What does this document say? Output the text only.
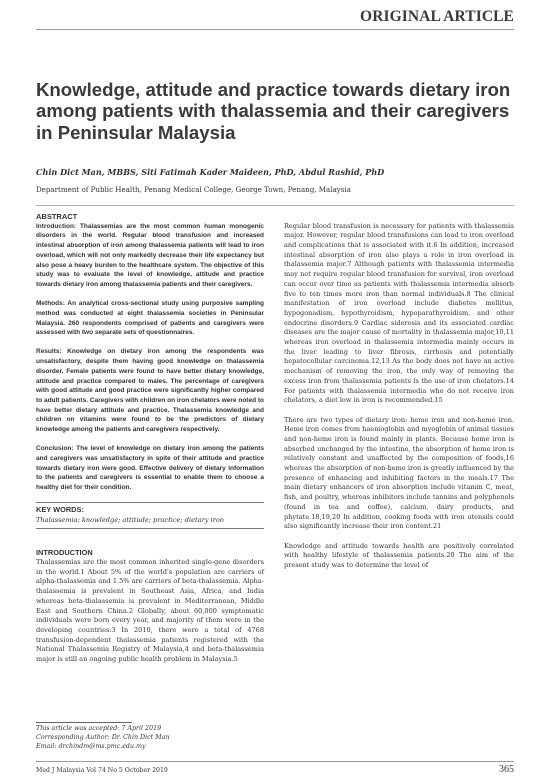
ORIGINAL ARTICLE
Knowledge, attitude and practice towards dietary iron among patients with thalassemia and their caregivers in Peninsular Malaysia
Chin Dict Man, MBBS, Siti Fatimah Kader Maideen, PhD, Abdul Rashid, PhD
Department of Public Health, Penang Medical College, George Town, Penang, Malaysia
ABSTRACT

Introduction: Thalassemias are the most common human monogenic disorders in the world. Regular blood transfusion and increased intestinal absorption of iron among thalassemia patients will lead to iron overload, which will not only markedly decrease their life expectancy but also pose a heavy burden to the healthcare system. The objective of this study was to evaluate the level of knowledge, attitude and practice towards dietary iron among thalassemia patients and their caregivers.

Methods: An analytical cross-sectional study using purposive sampling method was conducted at eight thalassemia societies in Peninsular Malaysia. 260 respondents comprised of patients and caregivers were assessed with two separate sets of questionnaires.

Results: Knowledge on dietary iron among the respondents was unsatisfactory, despite them having good knowledge on thalassemia disorder. Female patients were found to have better dietary knowledge, attitude and practice compared to males. The percentage of caregivers with good attitude and good practice were significantly higher compared to adult patients. Caregivers with children on iron chelators were noted to have better dietary attitude and practice. Thalassemia knowledge and children on vitamins were found to be the predictors of dietary knowledge among the patients and caregivers respectively.

Conclusion: The level of knowledge on dietary iron among the patients and caregivers was unsatisfactory in spite of their attitude and practice towards dietary iron were good. Effective delivery of dietary information to the patients and caregivers is essential to enable them to choose a healthy diet for their condition.

KEY WORDS:
Thalassemia; knowledge; attitude; practice; dietary iron
INTRODUCTION

Thalassemias are the most common inherited single-gene disorders in the world.1 About 5% of the world's population are carriers of alpha-thalassemia and 1.5% are carriers of beta-thalassemia. Alpha-thalassemia is prevalent in Southeast Asia, Africa, and India whereas beta-thalassemia is prevalent in Mediterranean, Middle East and Southern China.2 Globally, about 60,000 symptomatic individuals were born every year, and majority of them were in the developing countries.3 In 2010, there were a total of 4768 transfusion-dependent thalassemia patients registered with the National Thalassemia Registry of Malaysia,4 and beta-thalassemia major is still an ongoing public health problem in Malaysia.5

Regular blood transfusion is necessary for patients with thalassemia major. However, regular blood transfusions can lead to iron overload and complications that is associated with it.6 In addition, increased intestinal absorption of iron also plays a role in iron overload in thalassemia major.7 Although patients with thalassemia intermedia may not require regular blood transfusion for survival, iron overload can occur over time as patients with thalassemia intermedia absorb five to ten times more iron than normal individuals.8 The clinical manifestation of iron overload include diabetes mellitus, hypogonadism, hypothyroidism, hypoparathyroidism, and other endocrine disorders.9 Cardiac siderosis and its associated cardiac diseases are the major cause of mortality in thalassemia major,10,11 whereas iron overload in thalassemia intermedia mainly occurs in the liver leading to liver fibrosis, cirrhosis and potentially hepatocellular carcinoma.12,13 As the body does not have an active mechanism of removing the iron, the only way of removing the excess iron from thalassemia patients is the use of iron chelators.14 For patients with thalassemia intermedia who do not receive iron chelators, a diet low in iron is recommended.15

There are two types of dietary iron: heme iron and non-heme iron. Heme iron comes from haemoglobin and myoglobin of animal tissues and non-heme iron is found mainly in plants. Because heme iron is absorbed unchanged by the intestine, the absorption of heme iron is relatively constant and unaffected by the composition of foods,16 whereas the absorption of non-heme iron is greatly influenced by the presence of enhancing and inhibiting factors in the meals.17 The main dietary enhancers of iron absorption include vitamin C, meat, fish, and poultry, whereas inhibitors include tannins and polyphenols (found in tea and coffee), calcium, dairy products, and phytate.18,19,20 In addition, cooking foods with iron utensils could also significantly increase their iron content.21

Knowledge and attitude towards health are positively correlated with healthy lifestyle of thalassemia patients.20 The aim of the present study was to determine the level of

This article was accepted: 7 April 2019
Corresponding Author: Dr. Chin Dict Man
Email: drchindm@ms.pmc.edu.my
Med J Malaysia Vol 74 No 5 October 2019	365
